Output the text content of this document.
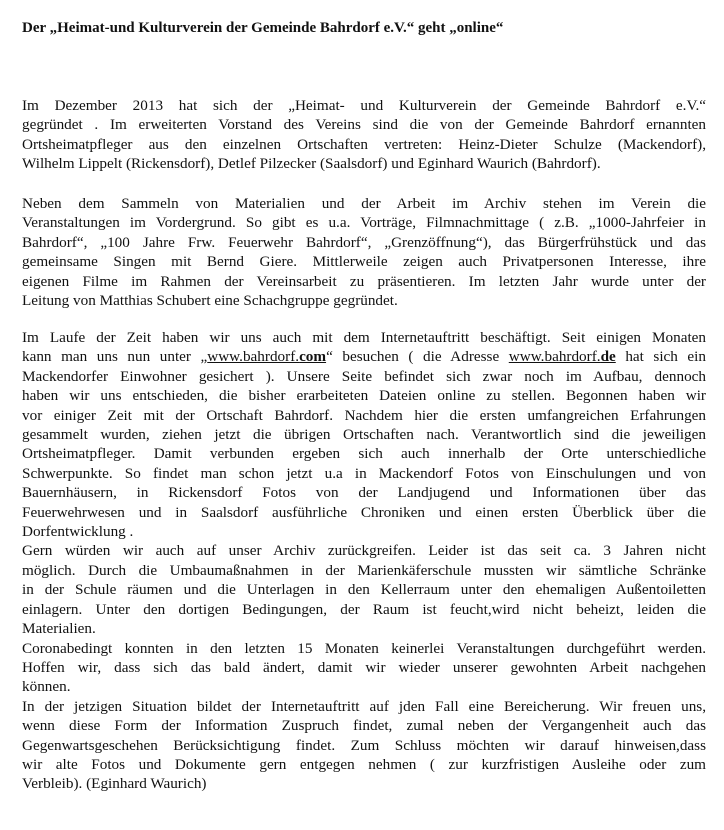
Der „Heimat-und Kulturverein der Gemeinde Bahrdorf e.V.“ geht „online“
Im Dezember 2013 hat sich der „Heimat- und Kulturverein der Gemeinde Bahrdorf e.V.“
gegründet . Im erweiterten Vorstand des Vereins sind die von der Gemeinde Bahrdorf ernannten
Ortsheimatpfleger aus den einzelnen Ortschaften vertreten: Heinz-Dieter Schulze (Mackendorf),
Wilhelm Lippelt (Rickensdorf), Detlef Pilzecker (Saalsdorf) und Eginhard Waurich (Bahrdorf).
Neben dem Sammeln von Materialien und der Arbeit im Archiv stehen im Verein die
Veranstaltungen im Vordergrund. So gibt es u.a. Vorträge, Filmnachmittage ( z.B. „1000-Jahrfeier in
Bahrdorf“, „100 Jahre Frw. Feuerwehr Bahrdorf“, „Grenzöffnung“), das Bürgerfrühstück und das
gemeinsame Singen mit Bernd Giere. Mittlerweile zeigen auch Privatpersonen Interesse, ihre
eigenen Filme im Rahmen der Vereinsarbeit zu präsentieren. Im letzten Jahr wurde unter der
Leitung von Matthias Schubert eine Schachgruppe gegründet.
Im Laufe der Zeit haben wir uns auch mit dem Internetauftritt beschäftigt. Seit einigen Monaten
kann man uns nun unter „www.bahrdorf.com“ besuchen ( die Adresse www.bahrdorf.de hat sich ein
Mackendorfer Einwohner gesichert ). Unsere Seite befindet sich zwar noch im Aufbau, dennoch
haben wir uns entschieden, die bisher erarbeiteten Dateien online zu stellen. Begonnen haben wir
vor einiger Zeit mit der Ortschaft Bahrdorf. Nachdem hier die ersten umfangreichen Erfahrungen
gesammelt wurden, ziehen jetzt die übrigen Ortschaften nach. Verantwortlich sind die jeweiligen
Ortsheimatpfleger. Damit verbunden ergeben sich auch innerhalb der Orte unterschiedliche
Schwerpunkte. So findet man schon jetzt u.a in Mackendorf Fotos von Einschulungen und von
Bauernhäusern, in Rickensdorf Fotos von der Landjugend und Informationen über das
Feuerwehrwesen und in Saalsdorf ausführliche Chroniken und einen ersten Überblick über die
Dorfentwicklung .
Gern würden wir auch auf unser Archiv zurückgreifen. Leider ist das seit ca. 3 Jahren nicht
möglich. Durch die Umbaumaßnahmen in der Marienkäferschule mussten wir sämtliche Schränke
in der Schule räumen und die Unterlagen in den Kellerraum unter den ehemaligen Außentoiletten
einlagern. Unter den dortigen Bedingungen, der Raum ist feucht,wird nicht beheizt, leiden die
Materialien.
Coronabedingt konnten in den letzten 15 Monaten keinerlei Veranstaltungen durchgeführt werden.
Hoffen wir, dass sich das bald ändert, damit wir wieder unserer gewohnten Arbeit nachgehen
können.
In der jetzigen Situation bildet der Internetauftritt auf jden Fall eine Bereicherung. Wir freuen uns,
wenn diese Form der Information Zuspruch findet, zumal neben der Vergangenheit auch das
Gegenwartsgeschehen Berücksichtigung findet. Zum Schluss möchten wir darauf hinweisen,dass
wir alte Fotos und Dokumente gern entgegen nehmen ( zur kurzfristigen Ausleihe oder zum
Verbleib). (Eginhard Waurich)
